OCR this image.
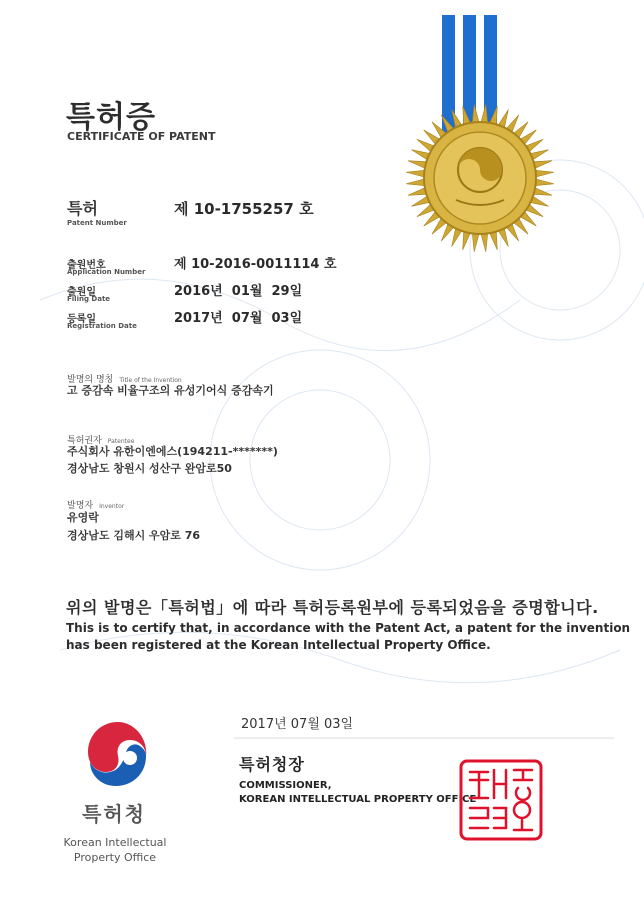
특허증
CERTIFICATE OF PATENT
특허
Patent Number
제 10-1755257 호
출원번호
Application Number 제 10-2016-0011114 호
출원일
Filing Date	2016년  01월  29일
등록일
Registration Date	2017년  07월  03일
발명의 명칭 Title of the Invention
고 증감속 비율구조의 유성기어식 증감속기
특허권자 Patentee
주식회사 유한이엔에스(194211-*******)
경상남도 창원시 성산구 완암로50
발명자 Inventor
유영락
경상남도 김해시 우암로 76
위의 발명은「특허법」에 따라 특허등록원부에 등록되었음을 증명합니다.
This is to certify that, in accordance with the Patent Act, a patent for the invention
has been registered at the Korean Intellectual Property Office.
특허청
Korean Intellectual
Property Office
2017년 07월 03일
특허청장
COMMISSIONER,
KOREAN INTELLECTUAL PROPERTY OFFICE
